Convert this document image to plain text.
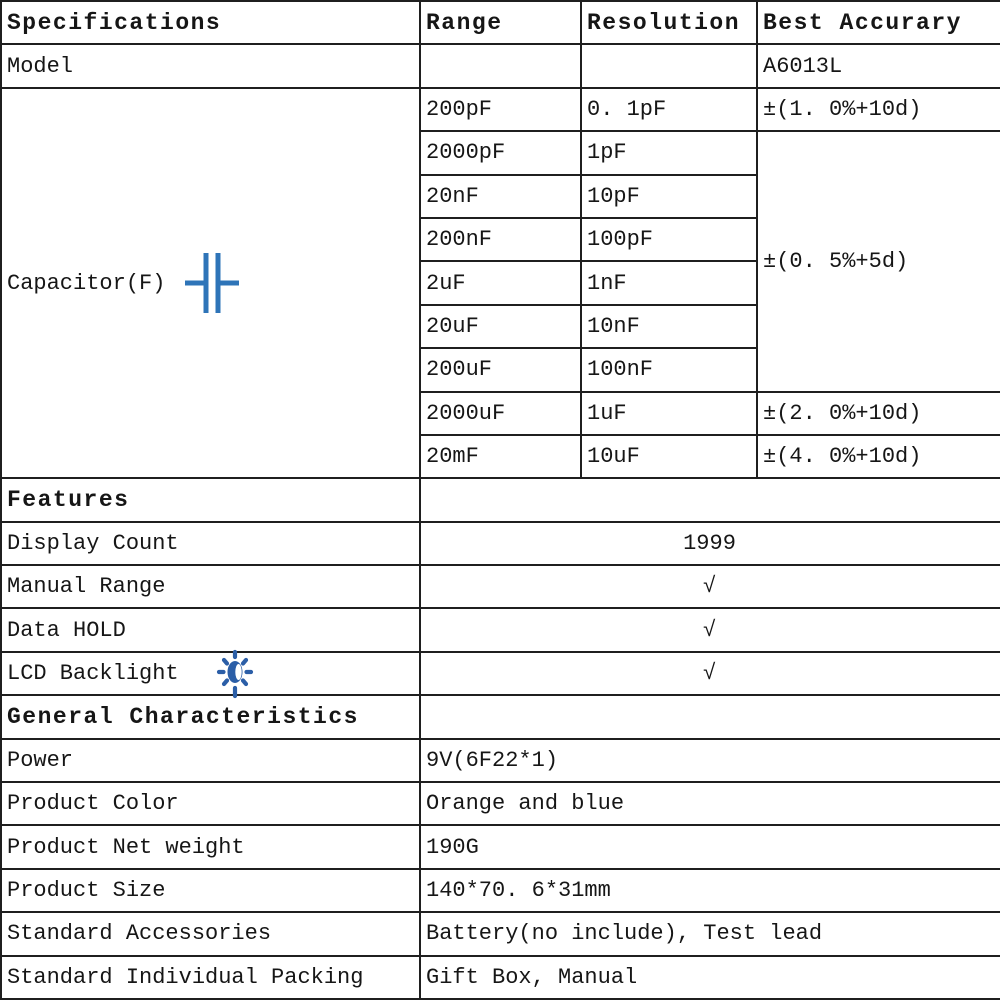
Specifications	Range	Resolution	Best Accurary
Model			A6013L

Capacitor(F)	200pF	0. 1pF	±(1. 0%+10d)
	2000pF	1pF	±(0. 5%+5d)
	20nF	10pF	
	200nF	100pF	
	2uF	1nF	
	20uF	10nF	
	200uF	100nF	
	2000uF	1uF	±(2. 0%+10d)
	20mF	10uF	±(4. 0%+10d)
Features			
Display Count	1999		
Manual Range	√		
Data HOLD	√		
LCD Backlight	√		
General Characteristics			
Power	9V(6F22*1)		
Product Color	Orange and blue		
Product Net weight	190G		
Product Size	140*70. 6*31mm		
Standard Accessories	Battery(no include), Test lead		
Standard Individual Packing	Gift Box, Manual		
